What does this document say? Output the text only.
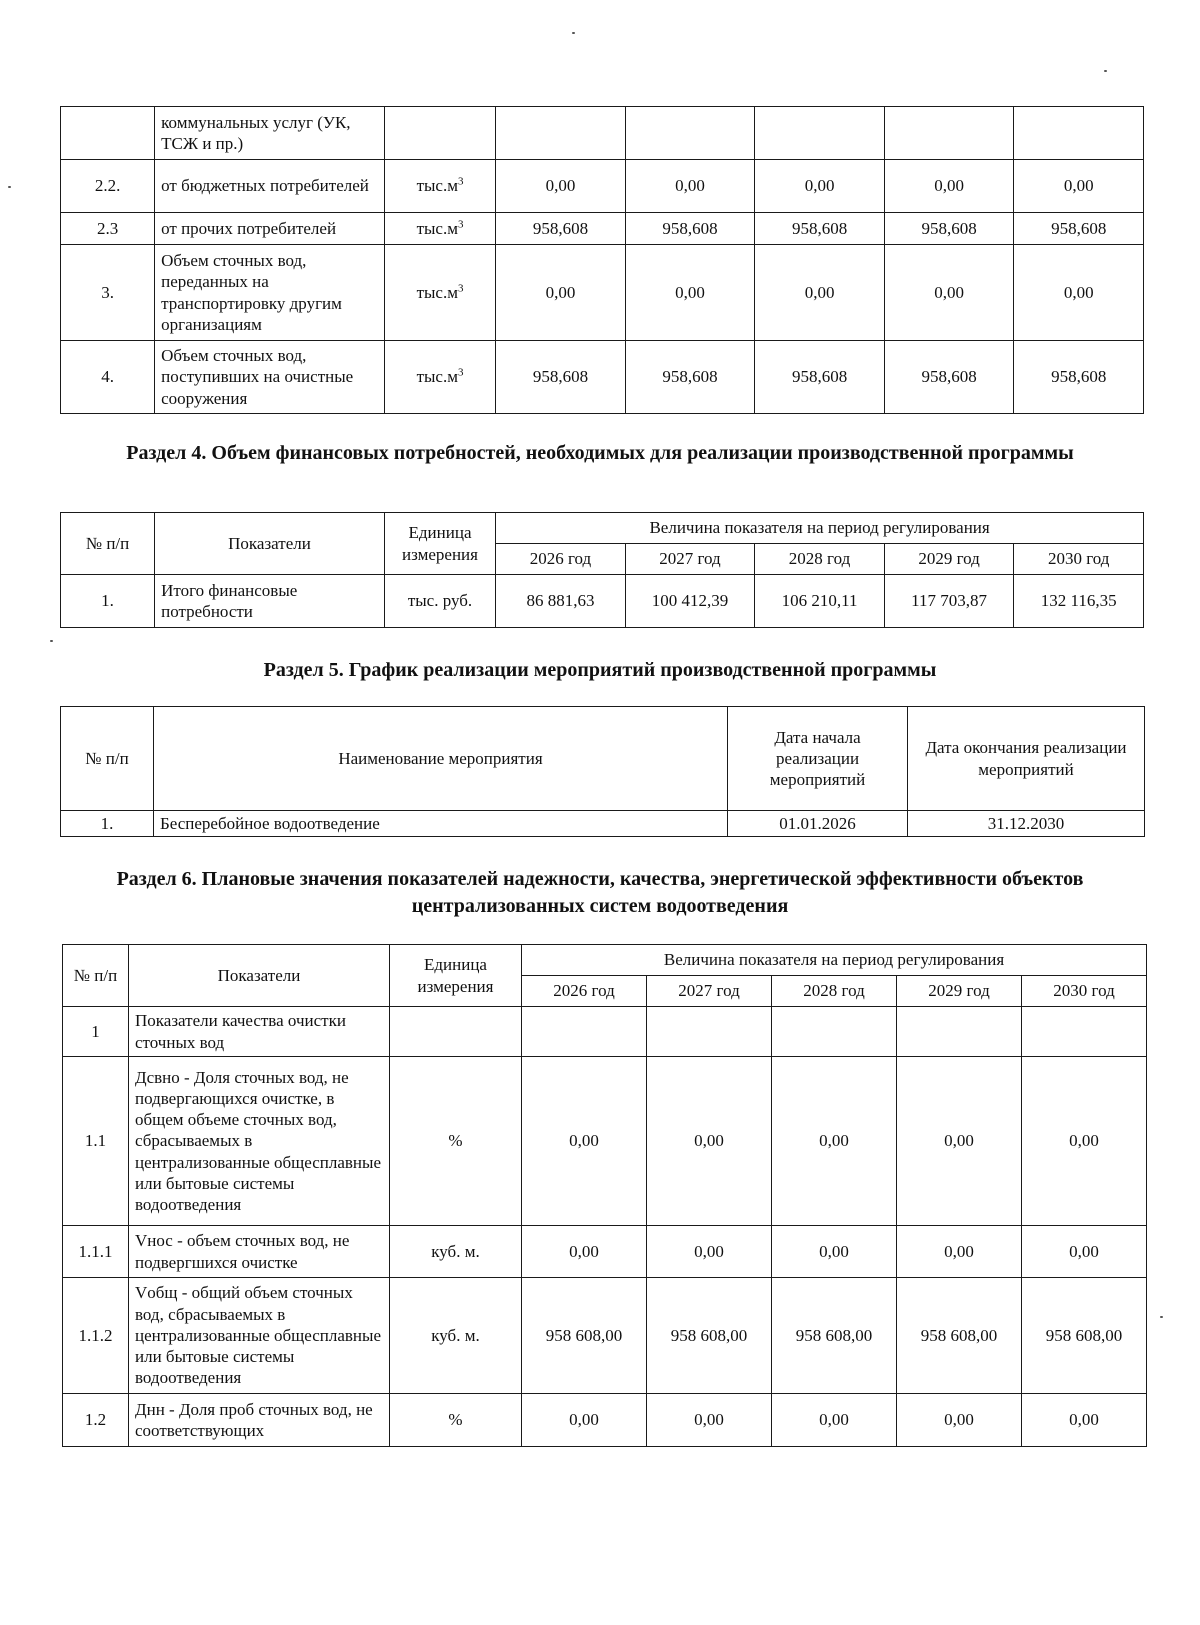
	коммунальных услуг (УК, ТСЖ и пр.)						
2.2.	от бюджетных потребителей	$тыс.м^3$	0,00	0,00	0,00	0,00	0,00
2.3	от прочих потребителей	$тыс.м^3$	958,608	958,608	958,608	958,608	958,608
3.	Объем сточных вод, переданных на транспортировку другим организациям	$тыс.м^3$	0,00	0,00	0,00	0,00	0,00
4.	Объем сточных вод, поступивших на очистные сооружения	$тыс.м^3$	958,608	958,608	958,608	958,608	958,608
Раздел 4. Объем финансовых потребностей, необходимых для реализации производственной программы
№ п/п	Показатели	Единица измерения	Величина показателя на период регулирования				
			2026 год	2027 год	2028 год	2029 год	2030 год
1.	Итого финансовые потребности	тыс. руб.	86 881,63	100 412,39	106 210,11	117 703,87	132 116,35
Раздел 5. График реализации мероприятий производственной программы
№ п/п	Наименование мероприятия	Дата начала реализации мероприятий	Дата окончания реализации мероприятий
1.	Бесперебойное водоотведение	01.01.2026	31.12.2030
Раздел 6. Плановые значения показателей надежности, качества, энергетической эффективности объектов централизованных систем водоотведения
№ п/п	Показатели	Единица измерения	Величина показателя на период регулирования				
			2026 год	2027 год	2028 год	2029 год	2030 год
1	Показатели качества очистки сточных вод						
1.1	Дсвно - Доля сточных вод, не подвергающихся очистке, в общем объеме сточных вод, сбрасываемых в централизованные общесплавные или бытовые системы водоотведения	%	0,00	0,00	0,00	0,00	0,00
1.1.1	Vнос - объем сточных вод, не подвергшихся очистке	куб. м.	0,00	0,00	0,00	0,00	0,00
1.1.2	Vобщ - общий объем сточных вод, сбрасываемых в централизованные общесплавные или бытовые системы водоотведения	куб. м.	958 608,00	958 608,00	958 608,00	958 608,00	958 608,00
1.2	Днн - Доля проб сточных вод, не соответствующих	%	0,00	0,00	0,00	0,00	0,00
